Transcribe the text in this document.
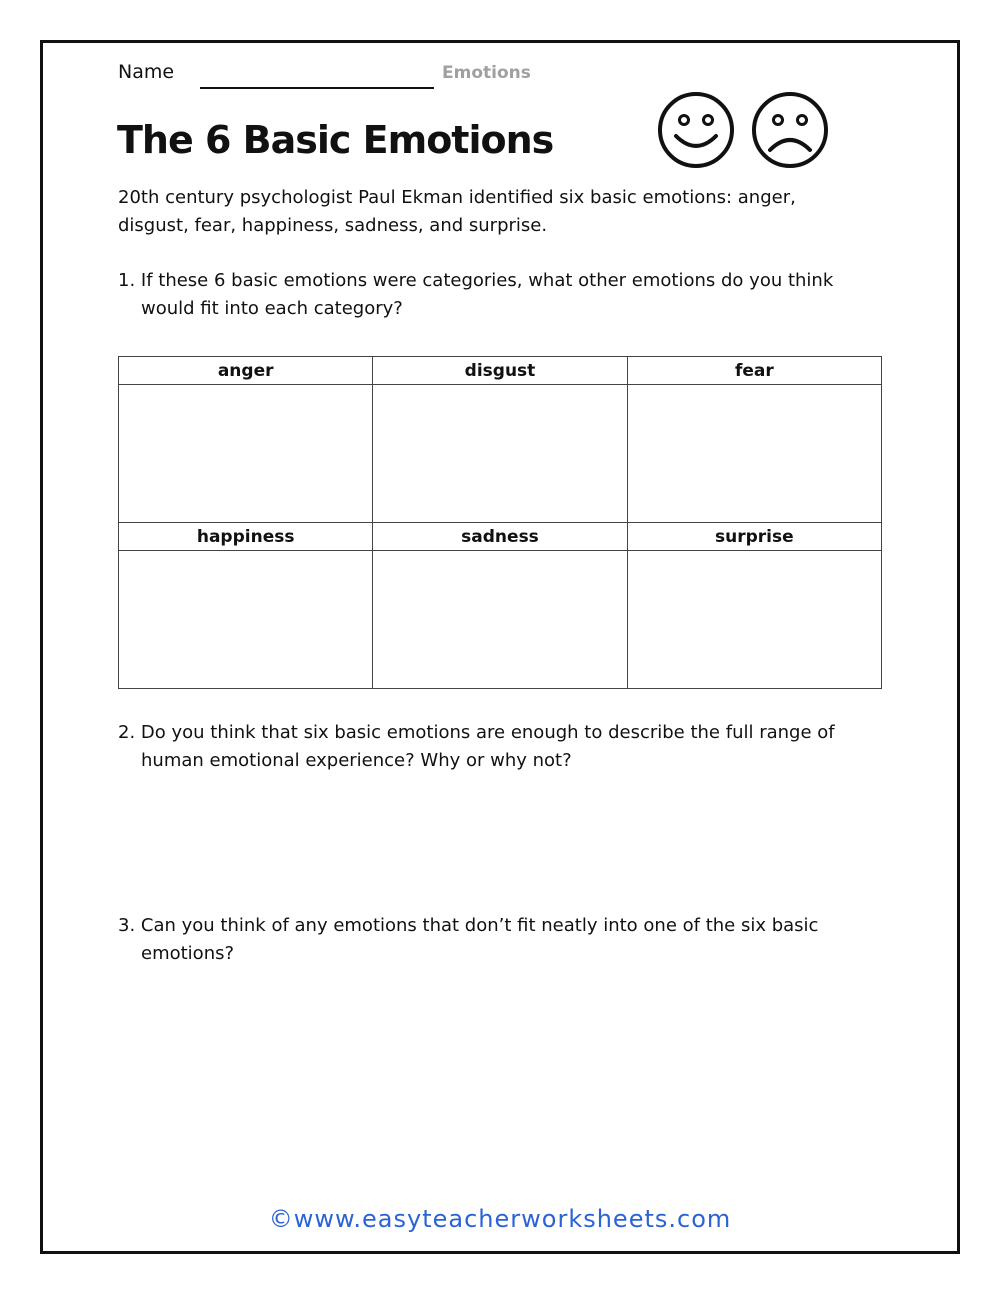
Name	Emotions
The 6 Basic Emotions
20th century psychologist Paul Ekman identified six basic emotions: anger,
disgust, fear, happiness, sadness, and surprise.
1. If these 6 basic emotions were categories, what other emotions do you think
would fit into each category?
anger	disgust	fear

happiness	sadness	surprise

2. Do you think that six basic emotions are enough to describe the full range of
human emotional experience? Why or why not?
3. Can you think of any emotions that don’t fit neatly into one of the six basic
emotions?
©www.easyteacherworksheets.com
